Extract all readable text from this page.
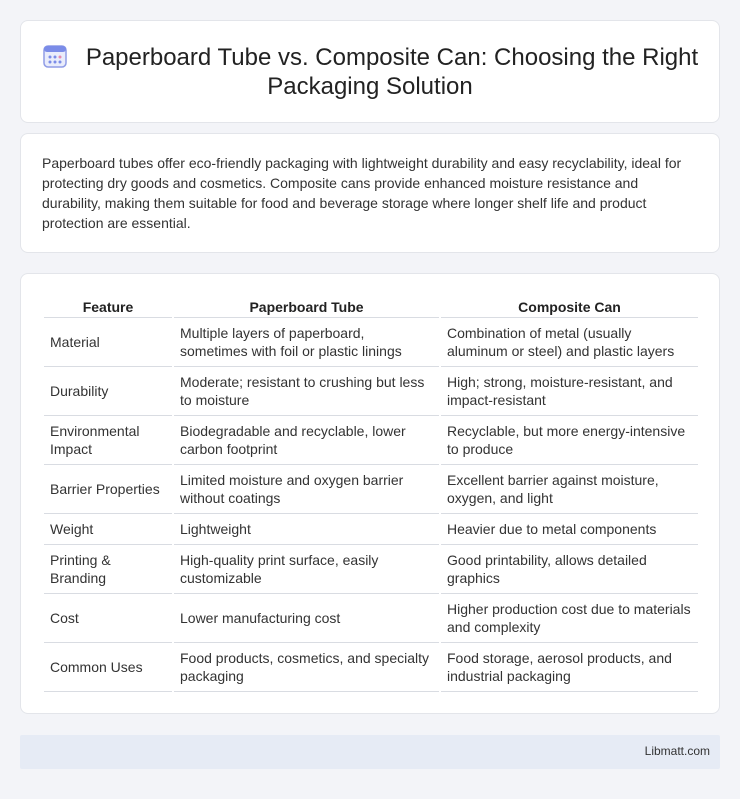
Paperboard Tube vs. Composite Can: Choosing the Right Packaging Solution

Paperboard tubes offer eco-friendly packaging with lightweight durability and easy recyclability, ideal for protecting dry goods and cosmetics. Composite cans provide enhanced moisture resistance and durability, making them suitable for food and beverage storage where longer shelf life and product protection are essential.

Feature	Paperboard Tube	Composite Can
Material	Multiple layers of paperboard, sometimes with foil or plastic linings	Combination of metal (usually aluminum or steel) and plastic layers
Durability	Moderate; resistant to crushing but less to moisture	High; strong, moisture-resistant, and impact-resistant
Environmental Impact	Biodegradable and recyclable, lower carbon footprint	Recyclable, but more energy-intensive to produce
Barrier Properties	Limited moisture and oxygen barrier without coatings	Excellent barrier against moisture, oxygen, and light
Weight	Lightweight	Heavier due to metal components
Printing & Branding	High-quality print surface, easily customizable	Good printability, allows detailed graphics
Cost	Lower manufacturing cost	Higher production cost due to materials and complexity
Common Uses	Food products, cosmetics, and specialty packaging	Food storage, aerosol products, and industrial packaging
Libmatt.com
